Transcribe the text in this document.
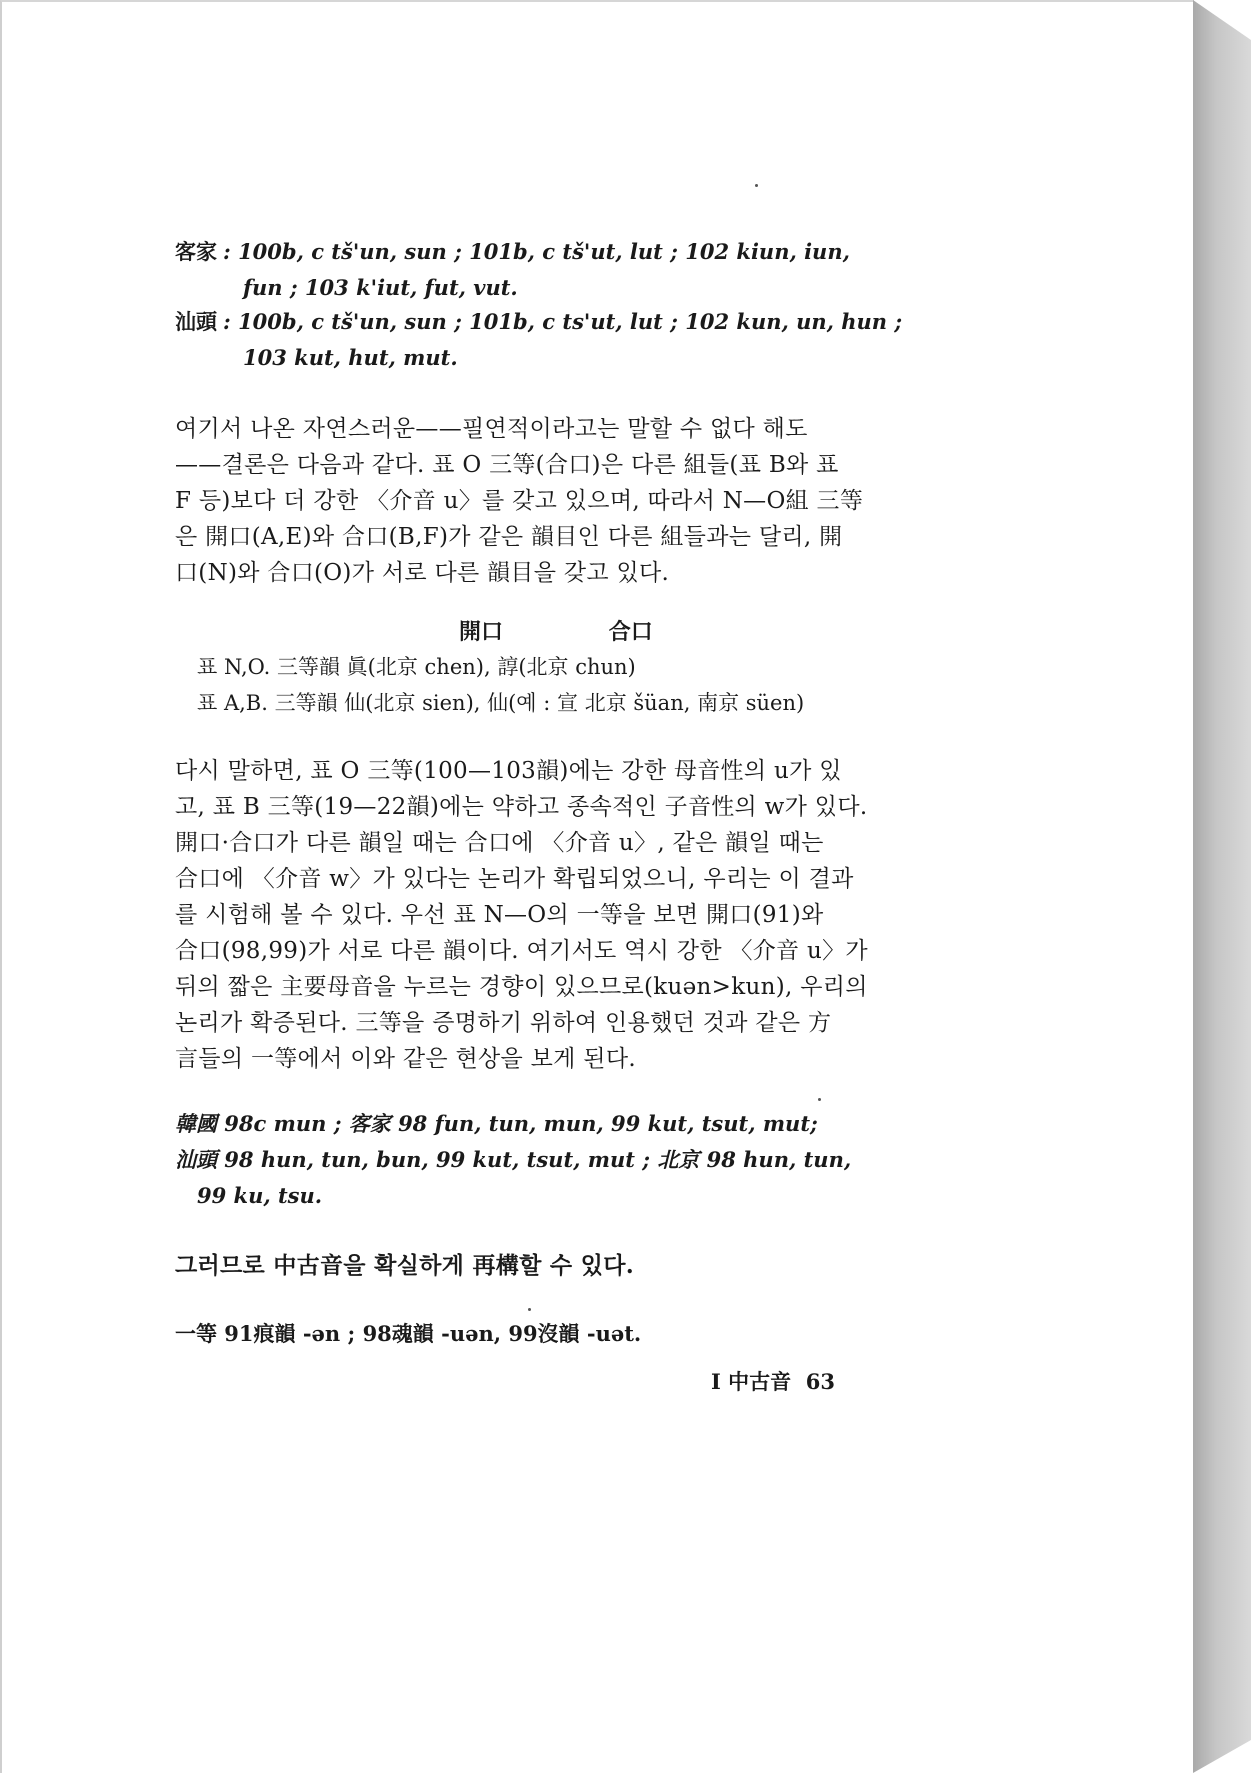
客家 : 100b, c tš'un, sun ; 101b, c tš'ut, lut ; 102 kiun, iun,
fun ; 103 k'iut, fut, vut.
汕頭 : 100b, c tš'un, sun ; 101b, c ts'ut, lut ; 102 kun, un, hun ;
103 kut, hut, mut.
여기서 나온 자연스러운——필연적이라고는 말할 수 없다 해도
——결론은 다음과 같다. 표 O 三等(合口)은 다른 組들(표 B와 표
F 등)보다 더 강한 〈介音 u〉를 갖고 있으며, 따라서 N—O組 三等
은 開口(A,E)와 合口(B,F)가 같은 韻目인 다른 組들과는 달리, 開
口(N)와 合口(O)가 서로 다른 韻目을 갖고 있다.
開口	合口
표 N,O. 三等韻 眞(北京 chen), 諄(北京 chun)
표 A,B. 三等韻 仙(北京 sien), 仙(예 : 宣 北京 šüan, 南京 süen)
다시 말하면, 표 O 三等(100—103韻)에는 강한 母音性의 u가 있
고, 표 B 三等(19—22韻)에는 약하고 종속적인 子音性의 w가 있다.
開口·合口가 다른 韻일 때는 合口에 〈介音 u〉, 같은 韻일 때는
合口에 〈介音 w〉가 있다는 논리가 확립되었으니, 우리는 이 결과
를 시험해 볼 수 있다. 우선 표 N—O의 一等을 보면 開口(91)와
合口(98,99)가 서로 다른 韻이다. 여기서도 역시 강한 〈介音 u〉가
뒤의 짧은 主要母音을 누르는 경향이 있으므로(kuən>kun), 우리의
논리가 확증된다. 三等을 증명하기 위하여 인용했던 것과 같은 方
言들의 一等에서 이와 같은 현상을 보게 된다.
韓國 98c mun ; 客家 98 fun, tun, mun, 99 kut, tsut, mut;
汕頭 98 hun, tun, bun, 99 kut, tsut, mut ; 北京 98 hun, tun,
99 ku, tsu.
그러므로 中古音을 확실하게 再構할 수 있다.
一等 91痕韻 -ən ; 98魂韻 -uən, 99沒韻 -uət.
I 中古音 63
